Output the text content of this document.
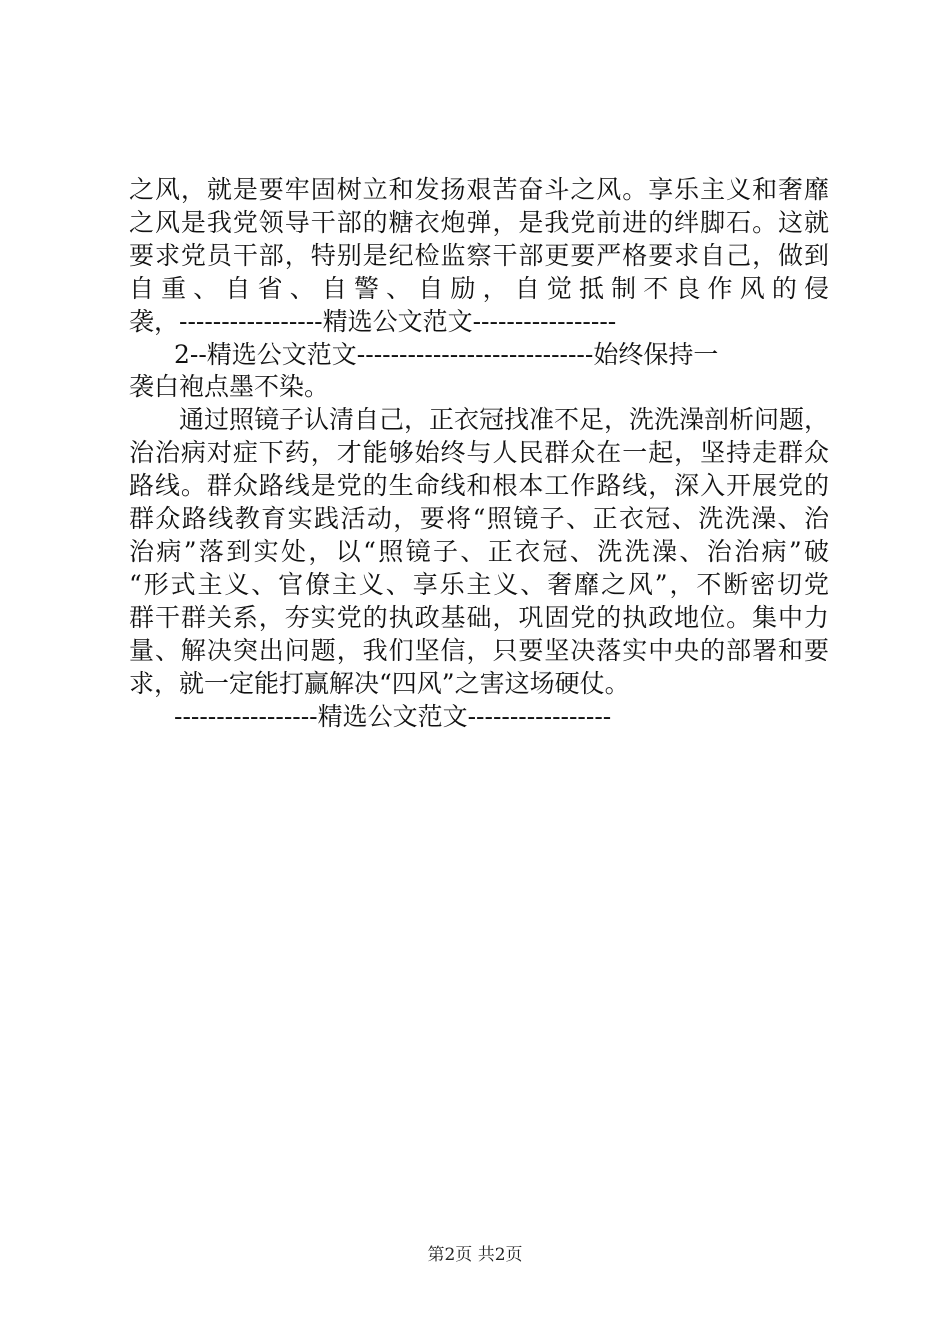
之风，就是要牢固树立和发扬艰苦奋斗之风。享乐主义和奢靡
之风是我党领导干部的糖衣炮弹，是我党前进的绊脚石。这就
要求党员干部，特别是纪检监察干部更要严格要求自己，做到
自重、自省、自警、自励，自觉抵制不良作风的侵
袭，-----------------精选公文范文-----------------
2--精选公文范文----------------------------始终保持一
袭白袍点墨不染。
通过照镜子认清自己，正衣冠找准不足，洗洗澡剖析问题，
治治病对症下药，才能够始终与人民群众在一起，坚持走群众
路线。群众路线是党的生命线和根本工作路线，深入开展党的
群众路线教育实践活动，要将“照镜子、正衣冠、洗洗澡、治
治病”落到实处，以“照镜子、正衣冠、洗洗澡、治治病”破
“形式主义、官僚主义、享乐主义、奢靡之风”，不断密切党
群干群关系，夯实党的执政基础，巩固党的执政地位。集中力
量、解决突出问题，我们坚信，只要坚决落实中央的部署和要
求，就一定能打赢解决“四风”之害这场硬仗。
-----------------精选公文范文-----------------
第2页 共2页
